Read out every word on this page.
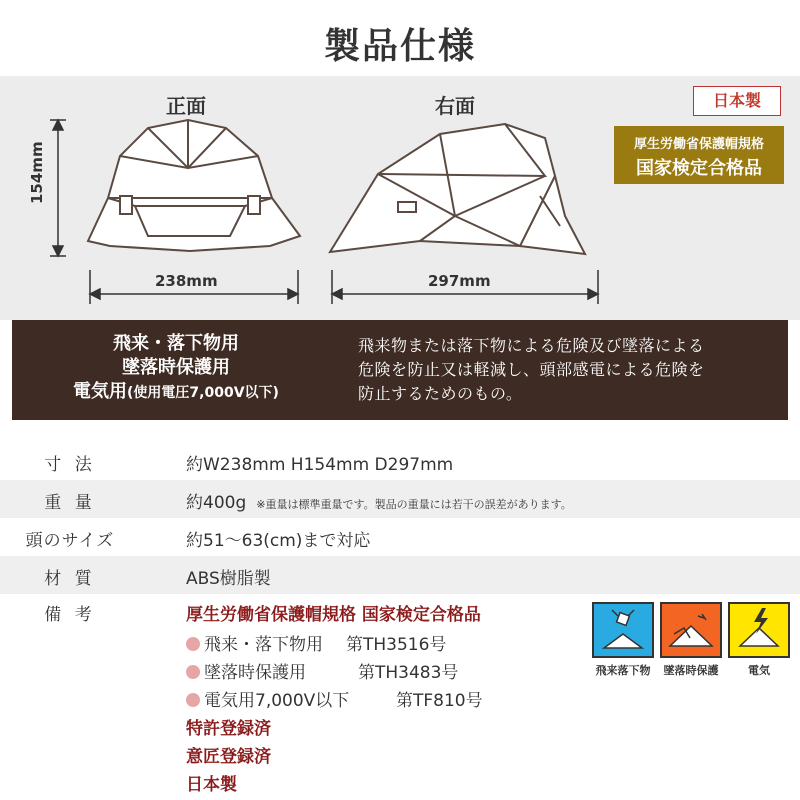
製品仕様
正面	右面
154mm
238mm	297mm
日本製
厚生労働省保護帽規格
国家検定合格品
飛来・落下物用
墜落時保護用
電気用(使用電圧7,000V以下)
飛来物または落下物による危険及び墜落による
危険を防止又は軽減し、頭部感電による危険を
防止するためのもの。
寸 法	約W238mm H154mm D297mm
重 量	約400g ※重量は標準重量です。製品の重量には若干の誤差があります。
頭のサイズ	約51～63(cm)まで対応
材 質	ABS樹脂製
備 考	厚生労働省保護帽規格 国家検定合格品
飛来・落下物用 第TH3516号
墜落時保護用	第TH3483号
電気用7,000V以下	第TF810号
特許登録済
意匠登録済
日本製
飛来落下物	墜落時保護	電気
